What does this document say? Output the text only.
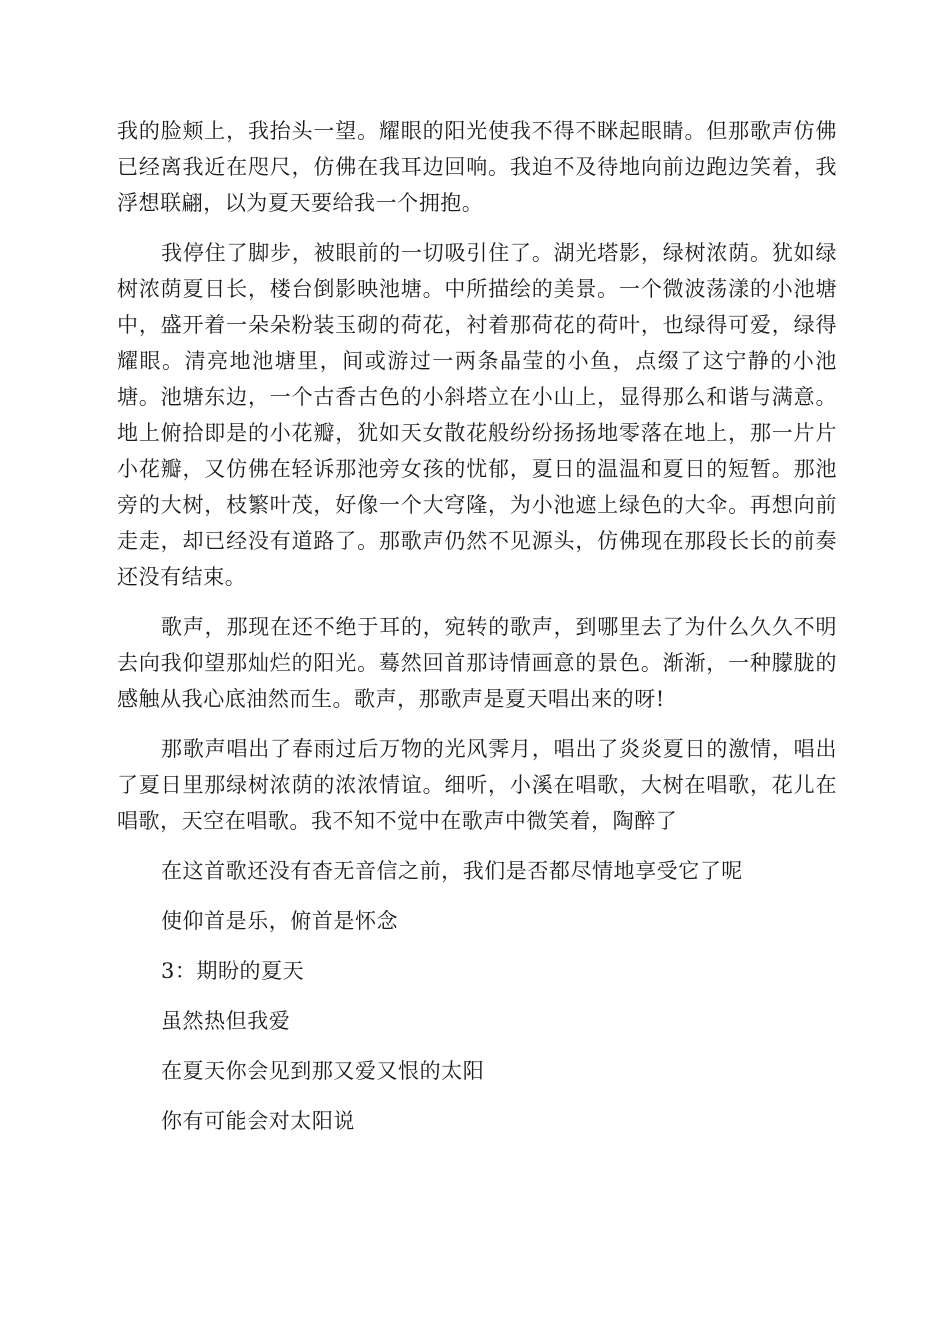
我的脸颊上，我抬头一望。耀眼的阳光使我不得不眯起眼睛。但那歌声仿佛已经离我近在咫尺，仿佛在我耳边回响。我迫不及待地向前边跑边笑着，我浮想联翩，以为夏天要给我一个拥抱。

我停住了脚步，被眼前的一切吸引住了。湖光塔影，绿树浓荫。犹如绿树浓荫夏日长，楼台倒影映池塘。中所描绘的美景。一个微波荡漾的小池塘中，盛开着一朵朵粉装玉砌的荷花，衬着那荷花的荷叶，也绿得可爱，绿得耀眼。清亮地池塘里，间或游过一两条晶莹的小鱼，点缀了这宁静的小池塘。池塘东边，一个古香古色的小斜塔立在小山上，显得那么和谐与满意。地上俯拾即是的小花瓣，犹如天女散花般纷纷扬扬地零落在地上，那一片片小花瓣，又仿佛在轻诉那池旁女孩的忧郁，夏日的温温和夏日的短暂。那池旁的大树，枝繁叶茂，好像一个大穹隆，为小池遮上绿色的大伞。再想向前走走，却已经没有道路了。那歌声仍然不见源头，仿佛现在那段长长的前奏还没有结束。

歌声，那现在还不绝于耳的，宛转的歌声，到哪里去了为什么久久不明去向我仰望那灿烂的阳光。蓦然回首那诗情画意的景色。渐渐，一种朦胧的感触从我心底油然而生。歌声，那歌声是夏天唱出来的呀!

那歌声唱出了春雨过后万物的光风霁月，唱出了炎炎夏日的激情，唱出了夏日里那绿树浓荫的浓浓情谊。细听，小溪在唱歌，大树在唱歌，花儿在唱歌，天空在唱歌。我不知不觉中在歌声中微笑着，陶醉了

在这首歌还没有杳无音信之前，我们是否都尽情地享受它了呢

使仰首是乐，俯首是怀念

3：期盼的夏天

虽然热但我爱

在夏天你会见到那又爱又恨的太阳

你有可能会对太阳说
